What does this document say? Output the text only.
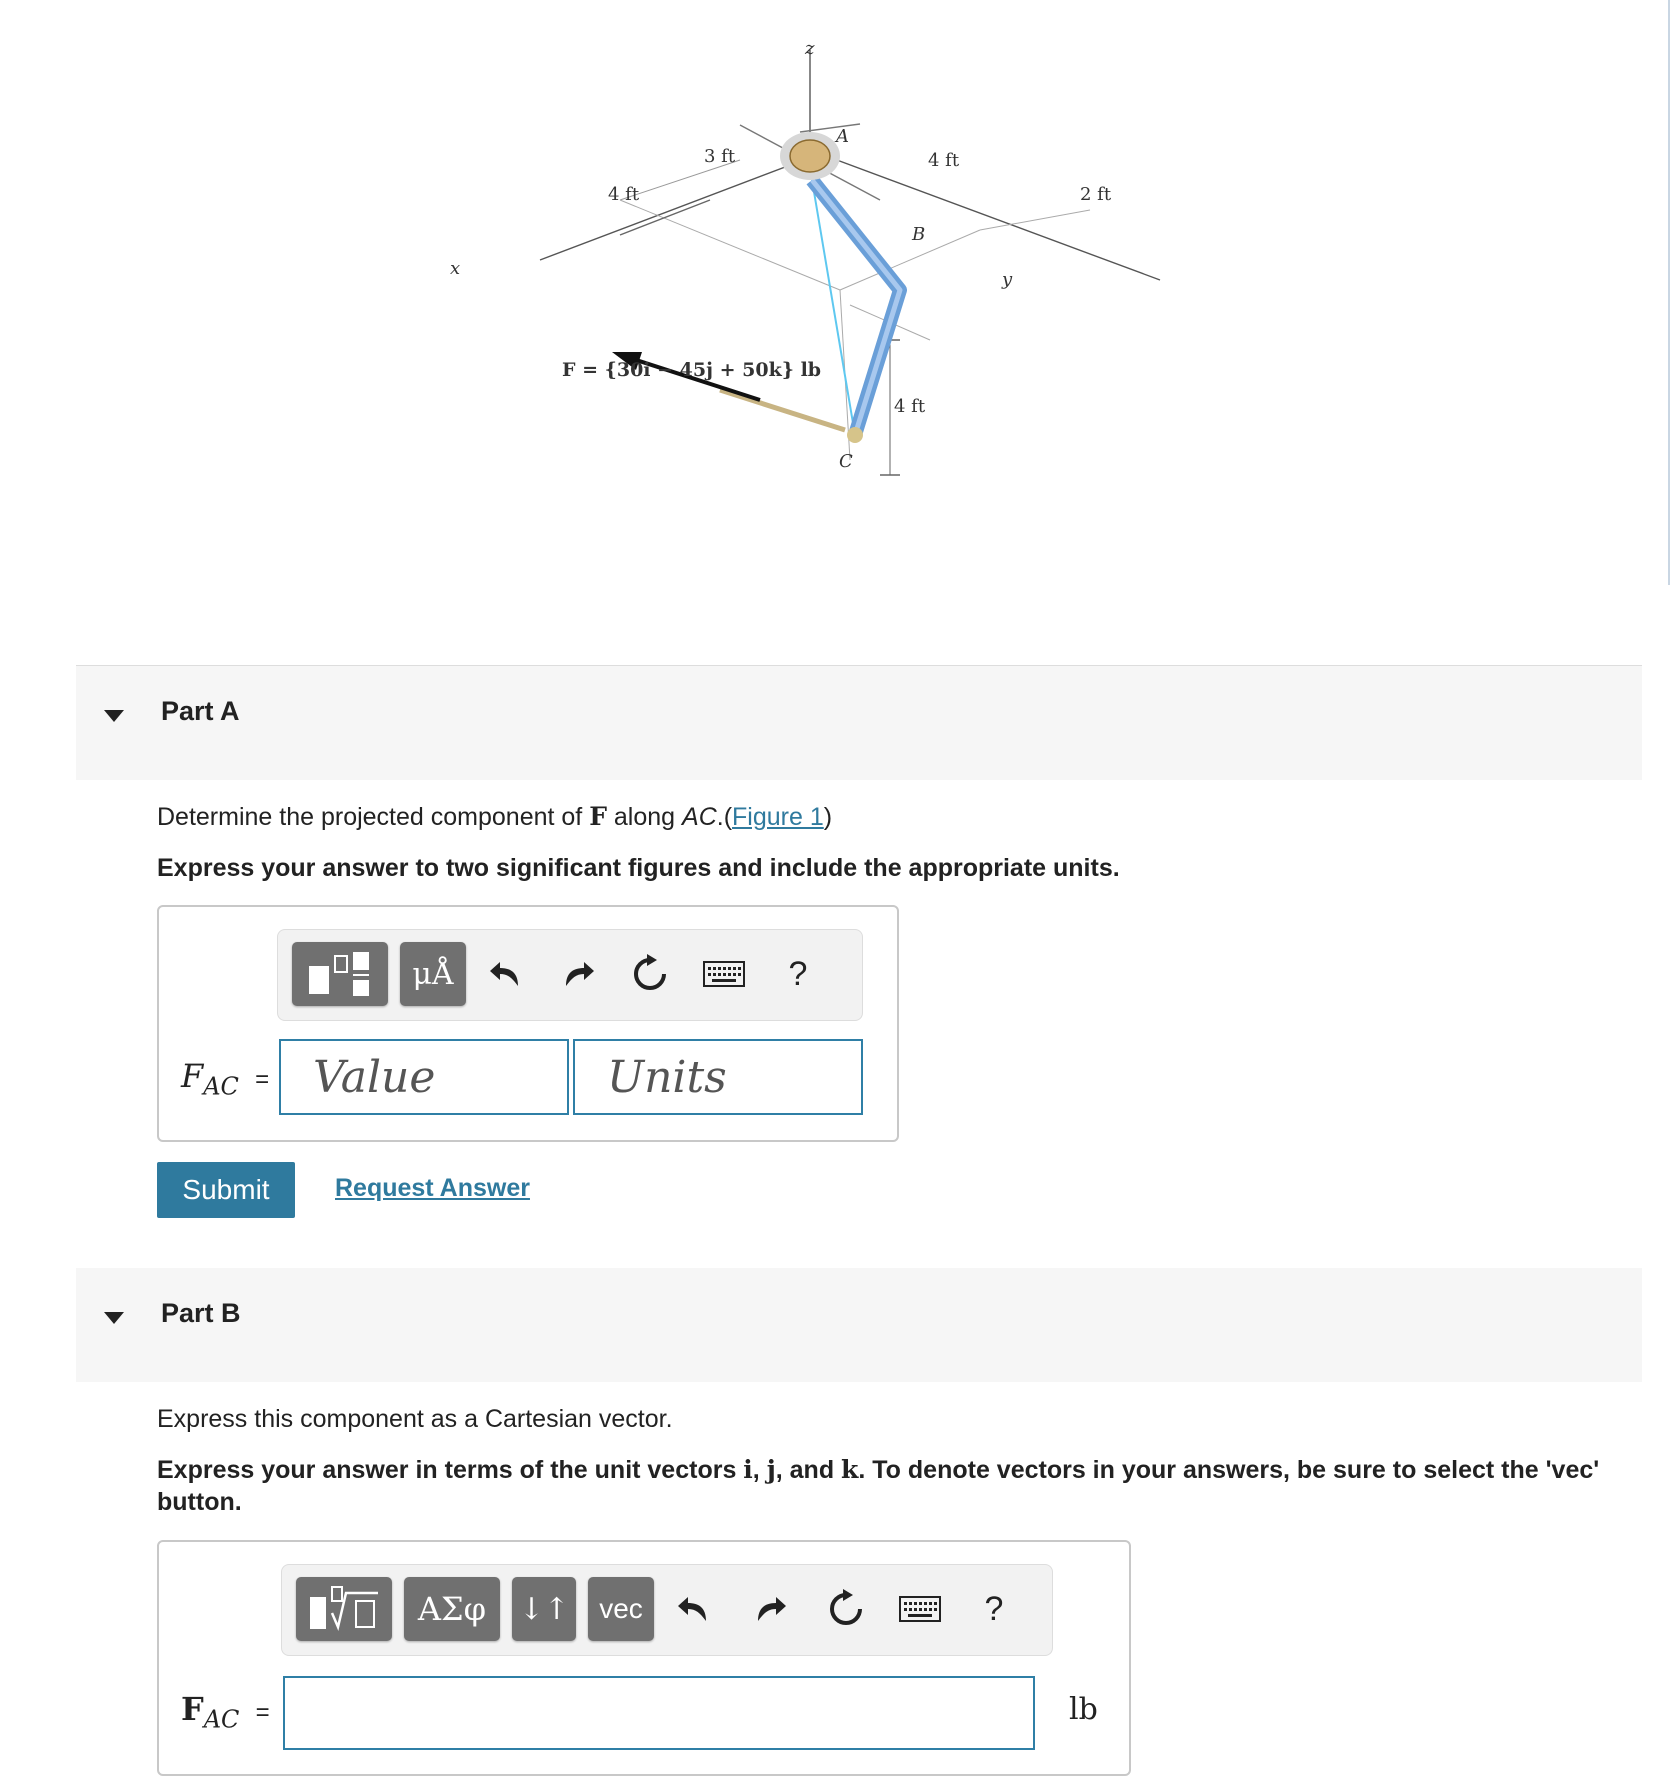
z
x
y
A
B
C
3 ft
4 ft
4 ft
2 ft
4 ft
F = {30i − 45j + 50k} lb
Part A
Determine the projected component of F along AC.(Figure 1)
Express your answer to two significant figures and include the appropriate units.
μÅ	?
$F_{AC}$ = Value	Units
Submit	Request Answer
Part B
Express this component as a Cartesian vector.
Express your answer in terms of the unit vectors i, j, and k. To denote vectors in your answers, be sure to select the 'vec' button.
ΑΣφ	↓↑	vec	?
$F_{AC}$ =	lb
